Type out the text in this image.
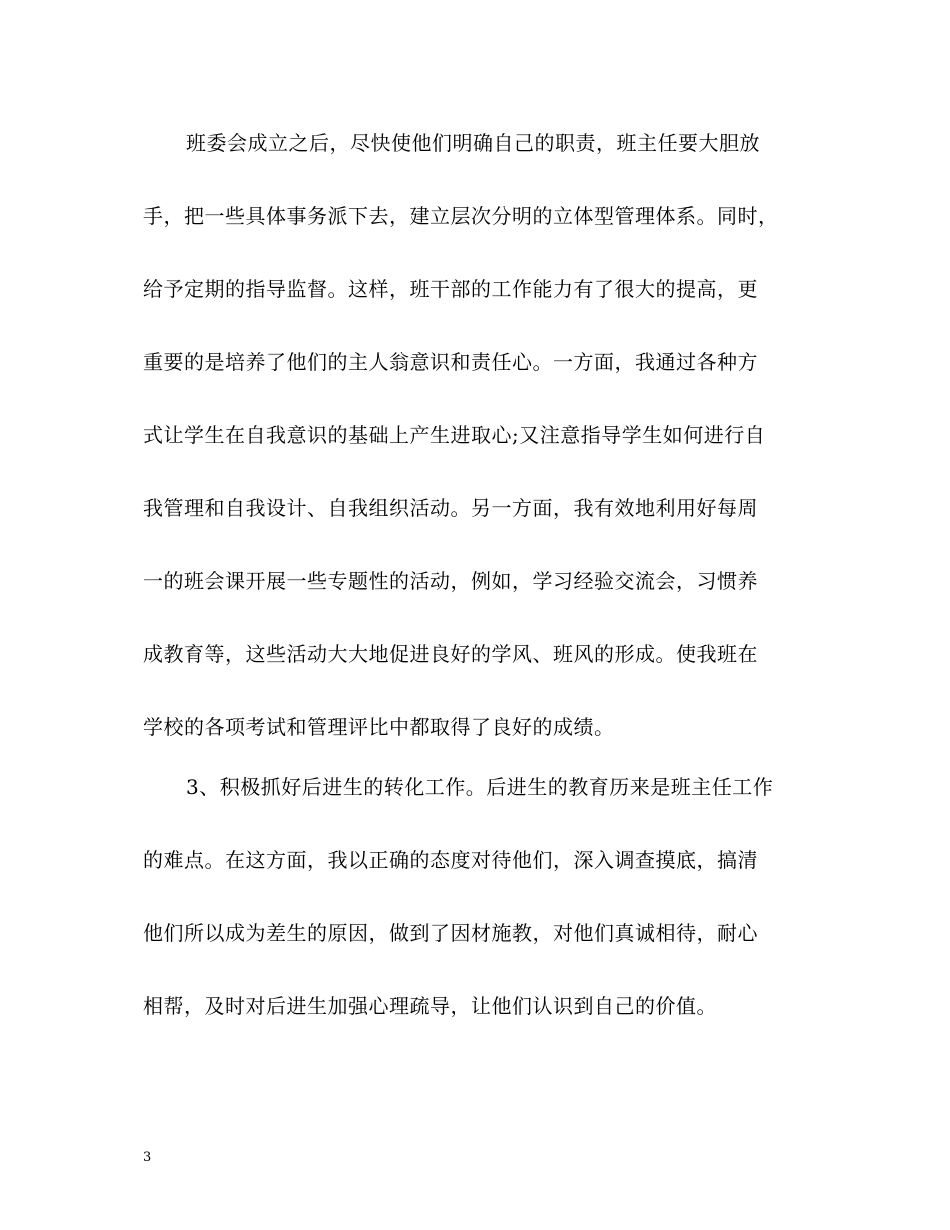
班委会成立之后，尽快使他们明确自己的职责，班主任要大胆放
手，把一些具体事务派下去，建立层次分明的立体型管理体系。同时，
给予定期的指导监督。这样，班干部的工作能力有了很大的提高，更
重要的是培养了他们的主人翁意识和责任心。一方面，我通过各种方
式让学生在自我意识的基础上产生进取心;又注意指导学生如何进行自
我管理和自我设计、自我组织活动。另一方面，我有效地利用好每周
一的班会课开展一些专题性的活动，例如，学习经验交流会，习惯养
成教育等，这些活动大大地促进良好的学风、班风的形成。使我班在
学校的各项考试和管理评比中都取得了良好的成绩。
3、积极抓好后进生的转化工作。后进生的教育历来是班主任工作
的难点。在这方面，我以正确的态度对待他们，深入调查摸底，搞清
他们所以成为差生的原因，做到了因材施教，对他们真诚相待，耐心
相帮，及时对后进生加强心理疏导，让他们认识到自己的价值。
3
